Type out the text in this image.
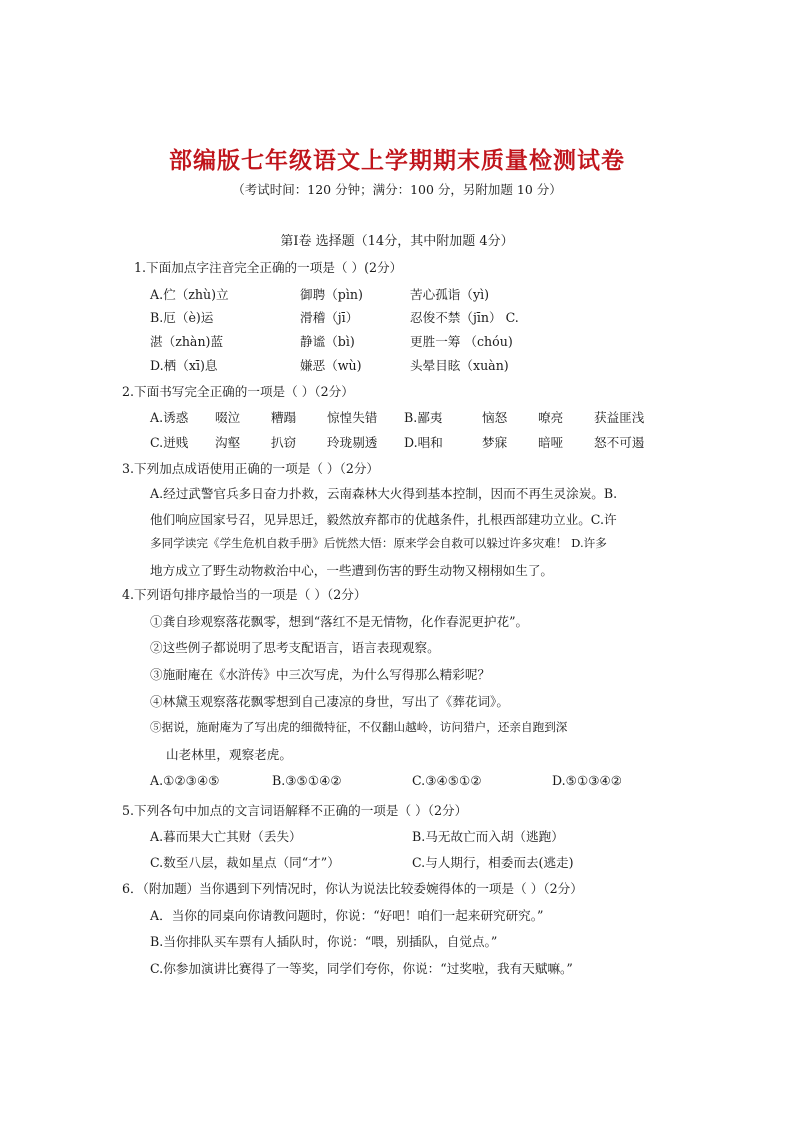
部编版七年级语文上学期期末质量检测试卷
（考试时间：120 分钟；满分：100 分，另附加题 10 分）
第Ⅰ卷 选择题（14分，其中附加题 4分）
1.下面加点字注音完全正确的一项是（ ）(2分）
A.伫（zhù)立	御聘（pìn)	苦心孤诣（yì)
B.厄（è)运	滑稽（jī）	忍俊不禁（jīn） C.
湛（zhàn)蓝	静谧（bì)	更胜一筹 （chóu)
D.栖（xī)息	嫌恶（wù)	头晕目眩（xuàn)
2.下面书写完全正确的一项是（ ）（2分）
A.诱惑 啜泣 糟蹋 惊惶失错 B.鄙夷	恼怒 嘹亮 获益匪浅
C.迸贱 沟壑 扒窃 玲珑剔透 D.唱和	梦寐 暗哑 怒不可遏
3.下列加点成语使用正确的一项是（ ）（2分）
A.经过武警官兵多日奋力扑救，云南森林大火得到基本控制，因而不再生灵涂炭。B.
他们响应国家号召，见异思迁，毅然放弃都市的优越条件，扎根西部建功立业。C.许
多同学读完《学生危机自救手册》后恍然大悟：原来学会自救可以躲过许多灾难！ D.许多
地方成立了野生动物救治中心，一些遭到伤害的野生动物又栩栩如生了。
4.下列语句排序最恰当的一项是（ ）（2分）
①龚自珍观察落花飘零，想到“落红不是无情物，化作春泥更护花”。
②这些例子都说明了思考支配语言，语言表现观察。
③施耐庵在《水浒传》中三次写虎，为什么写得那么精彩呢？
④林黛玉观察落花飘零想到自己凄凉的身世，写出了《葬花词》。
⑤据说，施耐庵为了写出虎的细微特征，不仅翻山越岭，访问猎户，还亲自跑到深
山老林里，观察老虎。
A.①②③④⑤	B.③⑤①④②	C.③④⑤①②	D.⑤①③④②
5.下列各句中加点的文言词语解释不正确的一项是（ ）（2分）
A.暮而果大亡其财（丢失）	B.马无故亡而入胡（逃跑）
C.数至八层，裁如星点（同“才”）	C.与人期行，相委而去(逃走)
6．（附加题）当你遇到下列情况时，你认为说法比较委婉得体的一项是（ ）（2分）
A．当你的同桌向你请教问题时，你说：“好吧！咱们一起来研究研究。”
B.当你排队买车票有人插队时，你说：“喂，别插队，自觉点。”
C.你参加演讲比赛得了一等奖，同学们夸你，你说：“过奖啦，我有天赋嘛。”
